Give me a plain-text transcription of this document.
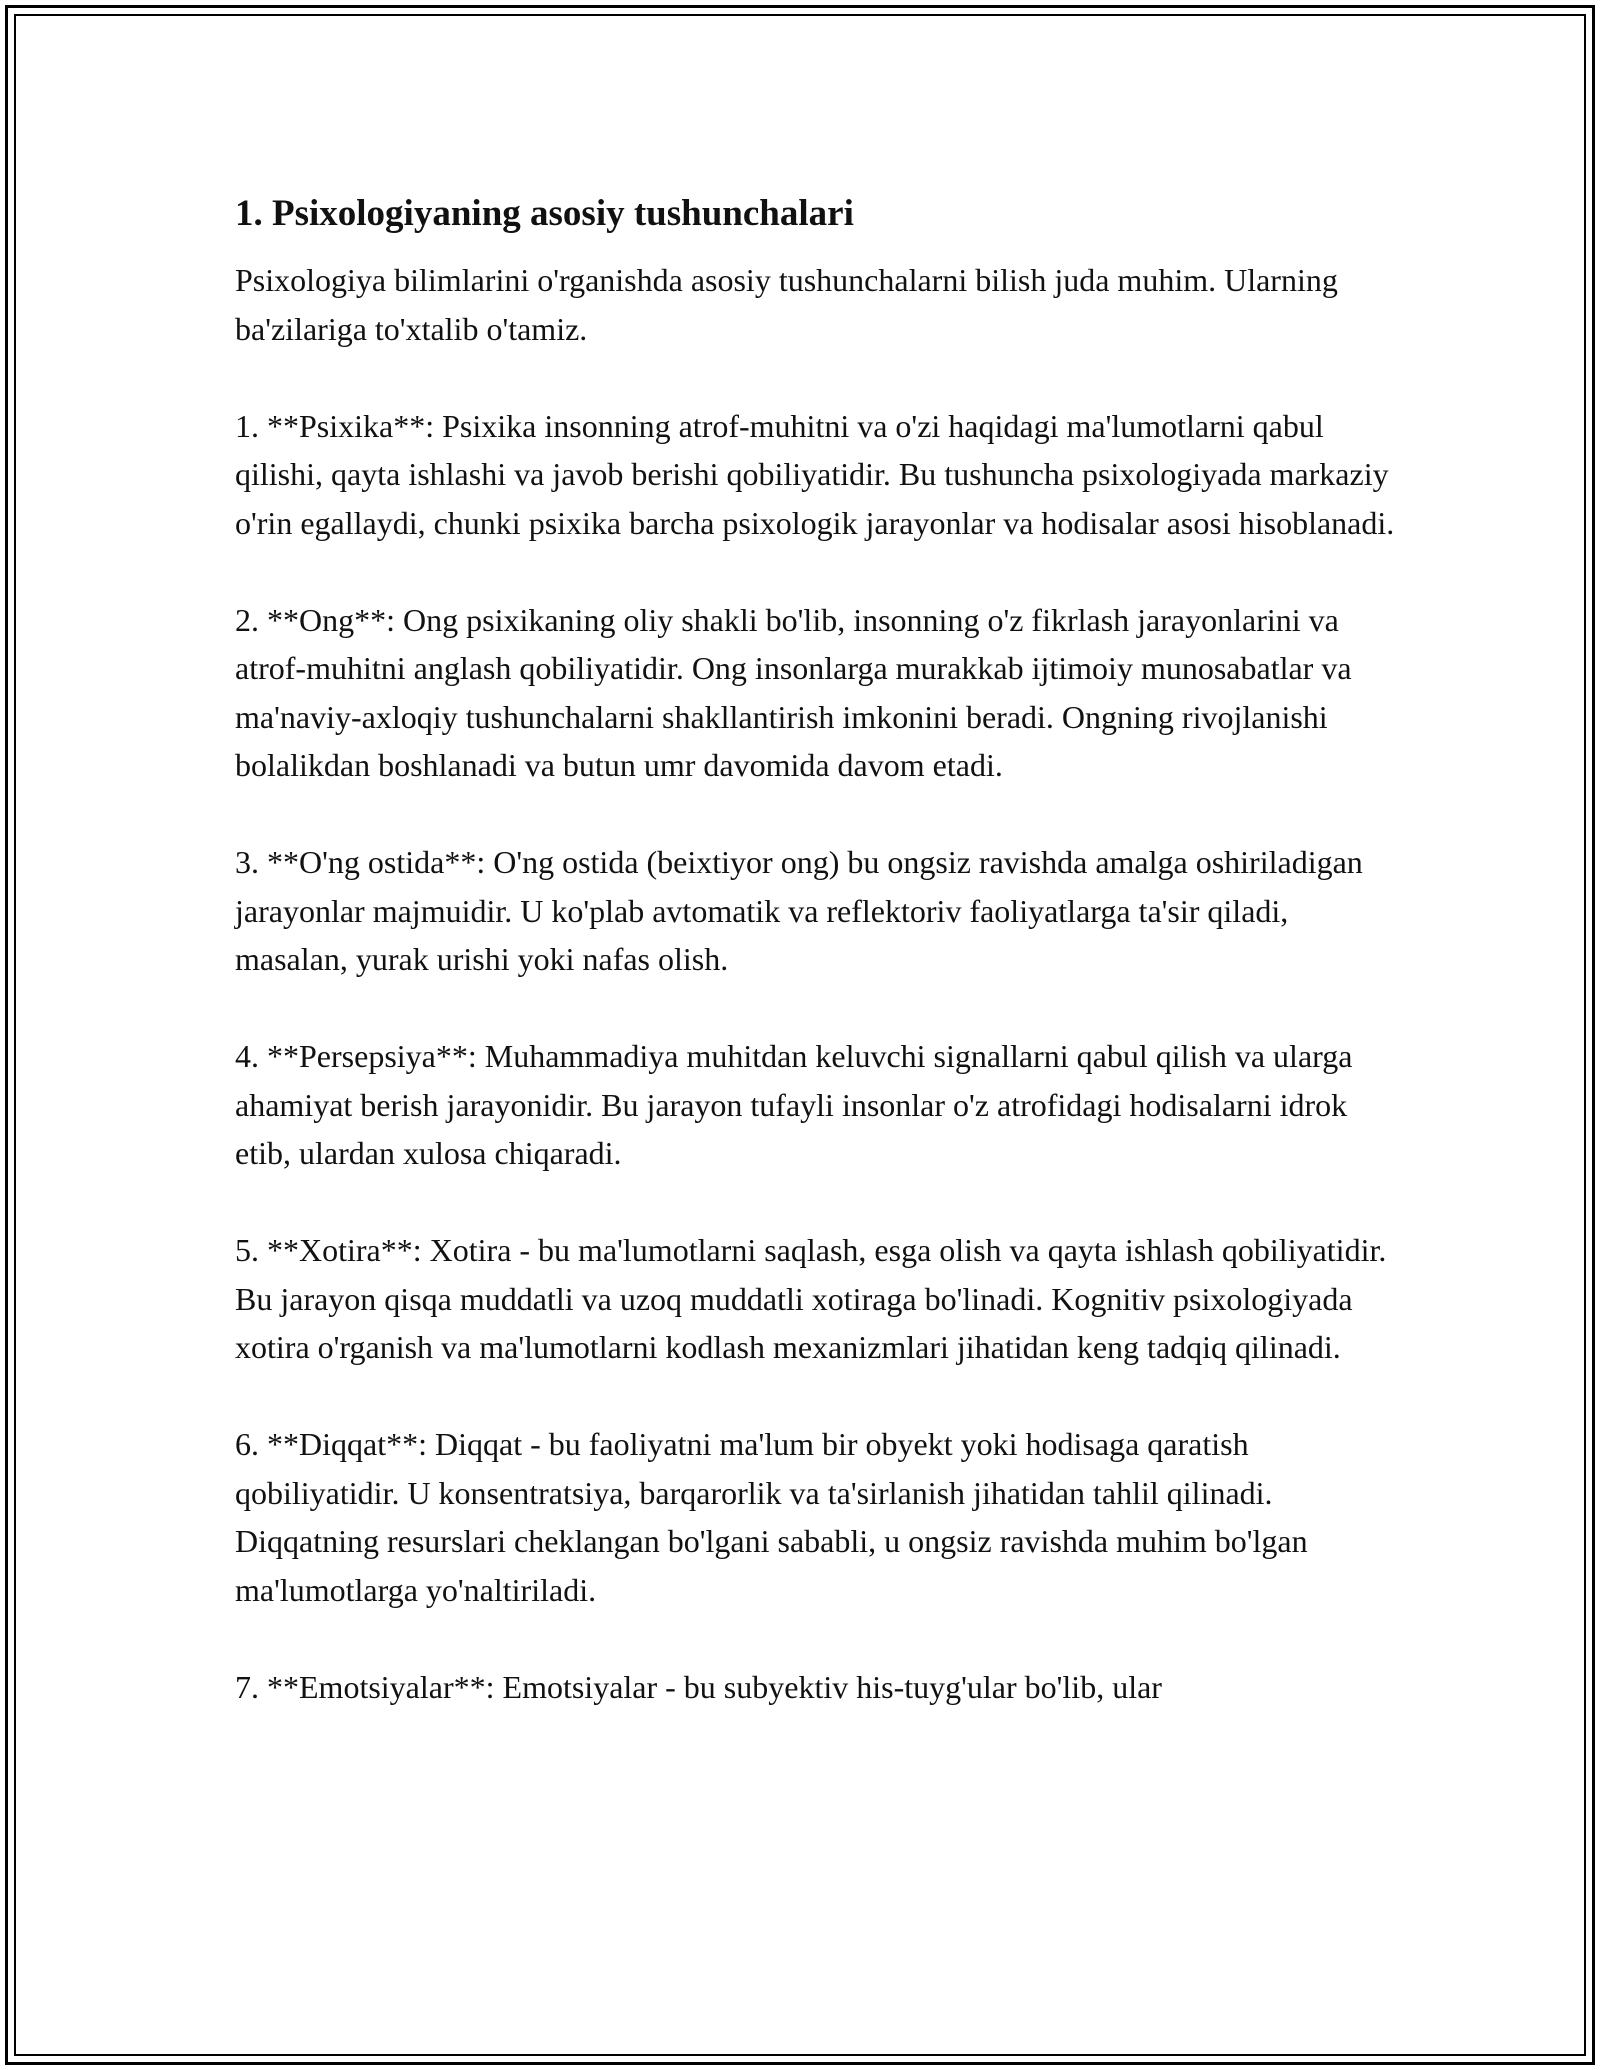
1. Psixologiyaning asosiy tushunchalari

Psixologiya bilimlarini o'rganishda asosiy tushunchalarni bilish juda muhim. Ularning ba'zilariga to'xtalib o'tamiz.

1. **Psixika**: Psixika insonning atrof-muhitni va o'zi haqidagi ma'lumotlarni qabul qilishi, qayta ishlashi va javob berishi qobiliyatidir. Bu tushuncha psixologiyada markaziy o'rin egallaydi, chunki psixika barcha psixologik jarayonlar va hodisalar asosi hisoblanadi.

2. **Ong**: Ong psixikaning oliy shakli bo'lib, insonning o'z fikrlash jarayonlarini va atrof-muhitni anglash qobiliyatidir. Ong insonlarga murakkab ijtimoiy munosabatlar va ma'naviy-axloqiy tushunchalarni shakllantirish imkonini beradi. Ongning rivojlanishi bolalikdan boshlanadi va butun umr davomida davom etadi.

3. **O'ng ostida**: O'ng ostida (beixtiyor ong) bu ongsiz ravishda amalga oshiriladigan jarayonlar majmuidir. U ko'plab avtomatik va reflektoriv faoliyatlarga ta'sir qiladi, masalan, yurak urishi yoki nafas olish.

4. **Persepsiya**: Muhammadiya muhitdan keluvchi signallarni qabul qilish va ularga ahamiyat berish jarayonidir. Bu jarayon tufayli insonlar o'z atrofidagi hodisalarni idrok etib, ulardan xulosa chiqaradi.

5. **Xotira**: Xotira - bu ma'lumotlarni saqlash, esga olish va qayta ishlash qobiliyatidir. Bu jarayon qisqa muddatli va uzoq muddatli xotiraga bo'linadi. Kognitiv psixologiyada xotira o'rganish va ma'lumotlarni kodlash mexanizmlari jihatidan keng tadqiq qilinadi.

6. **Diqqat**: Diqqat - bu faoliyatni ma'lum bir obyekt yoki hodisaga qaratish qobiliyatidir. U konsentratsiya, barqarorlik va ta'sirlanish jihatidan tahlil qilinadi. Diqqatning resurslari cheklangan bo'lgani sababli, u ongsiz ravishda muhim bo'lgan ma'lumotlarga yo'naltiriladi.

7. **Emotsiyalar**: Emotsiyalar - bu subyektiv his-tuyg'ular bo'lib, ular
